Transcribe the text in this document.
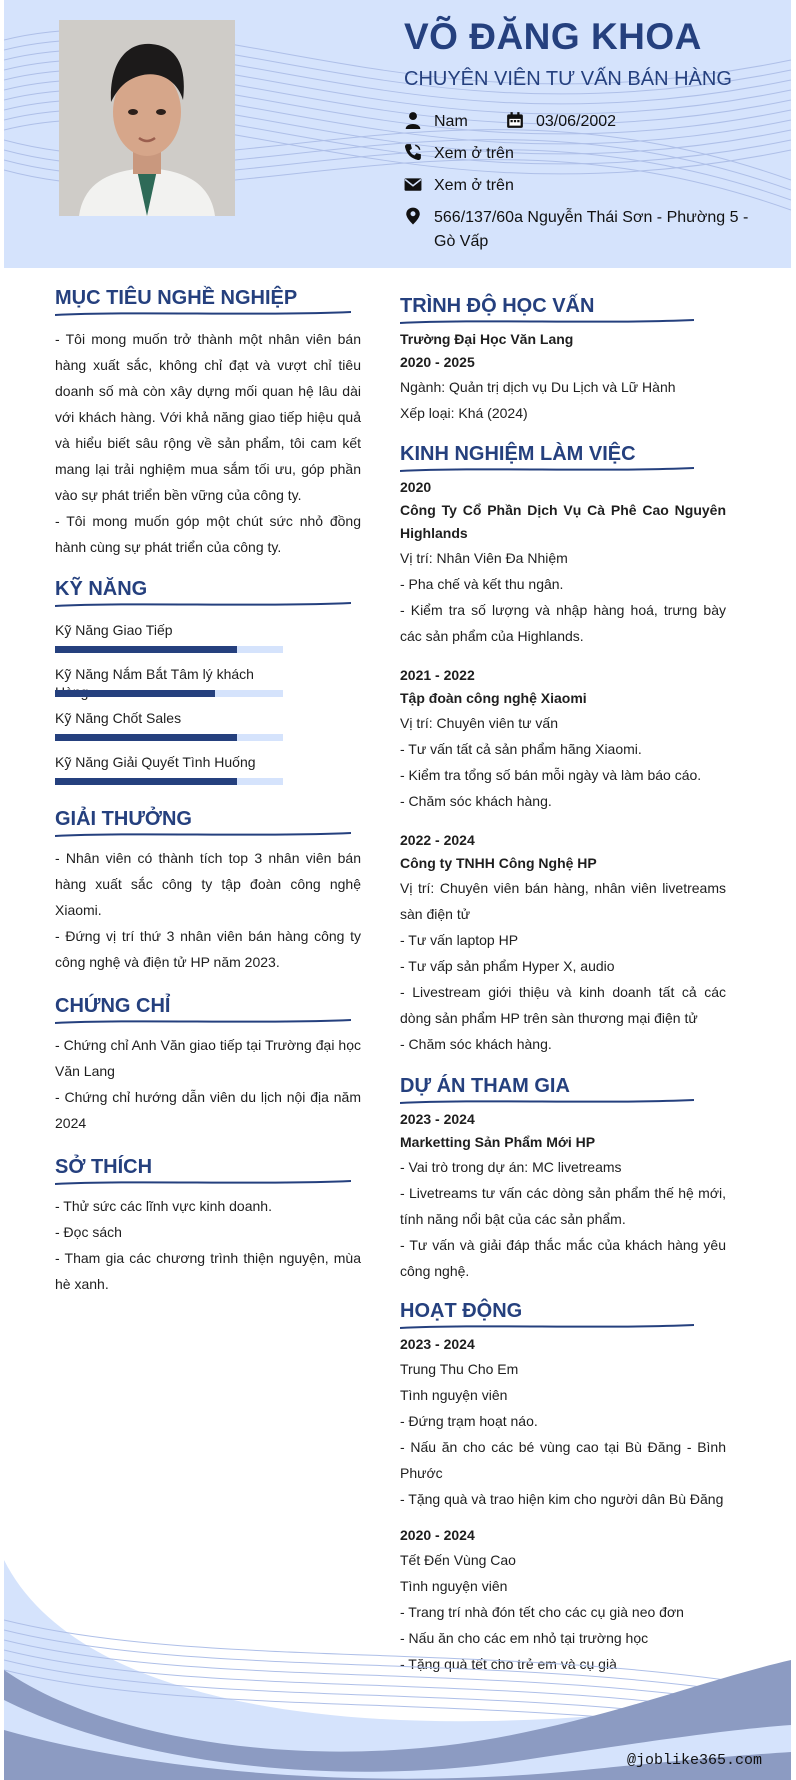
VÕ ĐĂNG KHOA
CHUYÊN VIÊN TƯ VẤN BÁN HÀNG
Nam	03/06/2002
Xem ở trên
Xem ở trên
566/137/60a Nguyễn Thái Sơn - Phường 5 - Gò Vấp
MỤC TIÊU NGHỀ NGHIỆP

- Tôi mong muốn trở thành một nhân viên bán hàng xuất sắc, không chỉ đạt và vượt chỉ tiêu doanh số mà còn xây dựng mối quan hệ lâu dài với khách hàng. Với khả năng giao tiếp hiệu quả và hiểu biết sâu rộng về sản phẩm, tôi cam kết mang lại trải nghiệm mua sắm tối ưu, góp phần vào sự phát triển bền vững của công ty.

- Tôi mong muốn góp một chút sức nhỏ đồng hành cùng sự phát triển của công ty.

KỸ NĂNG
Kỹ Năng Giao Tiếp
Kỹ Năng Nắm Bắt Tâm lý khách
Kỹ Năng Chốt Sales
Kỹ Năng Giải Quyết Tình Huống
GIẢI THƯỞNG

- Nhân viên có thành tích top 3 nhân viên bán hàng xuất sắc công ty tập đoàn công nghệ Xiaomi.

- Đứng vị trí thứ 3 nhân viên bán hàng công ty công nghệ và điện tử HP năm 2023.

CHỨNG CHỈ

- Chứng chỉ Anh Văn giao tiếp tại Trường đại học Văn Lang

- Chứng chỉ hướng dẫn viên du lịch nội địa năm 2024

SỞ THÍCH

- Thử sức các lĩnh vực kinh doanh.

- Đọc sách

- Tham gia các chương trình thiện nguyện, mùa hè xanh.

TRÌNH ĐỘ HỌC VẤN
Trường Đại Học Văn Lang
2020 - 2025
Ngành: Quản trị dịch vụ Du Lịch và Lữ Hành
Xếp loại: Khá (2024)
KINH NGHIỆM LÀM VIỆC
2020
Công Ty Cổ Phần Dịch Vụ Cà Phê Cao Nguyên Highlands
Vị trí: Nhân Viên Đa Nhiệm
- Pha chế và kết thu ngân.
- Kiểm tra số lượng và nhập hàng hoá, trưng bày các sản phẩm của Highlands.
2021 - 2022
Tập đoàn công nghệ Xiaomi
Vị trí: Chuyên viên tư vấn
- Tư vấn tất cả sản phẩm hãng Xiaomi.
- Kiểm tra tổng số bán mỗi ngày và làm báo cáo.
- Chăm sóc khách hàng.
2022 - 2024
Công ty TNHH Công Nghệ HP
Vị trí: Chuyên viên bán hàng, nhân viên livetreams sàn điện tử
- Tư vấn laptop HP
- Tư vấp sản phẩm Hyper X, audio
- Livestream giới thiệu và kinh doanh tất cả các dòng sản phẩm HP trên sàn thương mại điện tử
- Chăm sóc khách hàng.
DỰ ÁN THAM GIA
2023 - 2024
Marketting Sản Phẩm Mới HP
- Vai trò trong dự án: MC livetreams
- Livetreams tư vấn các dòng sản phẩm thế hệ mới, tính năng nổi bật của các sản phẩm.
- Tư vấn và giải đáp thắc mắc của khách hàng yêu công nghệ.
HOẠT ĐỘNG
2023 - 2024
Trung Thu Cho Em
Tình nguyện viên
- Đứng trạm hoạt náo.
- Nấu ăn cho các bé vùng cao tại Bù Đăng - Bình Phước
- Tặng quà và trao hiện kim cho người dân Bù Đăng
2020 - 2024
Tết Đến Vùng Cao
Tình nguyện viên
- Trang trí nhà đón tết cho các cụ già neo đơn
- Nấu ăn cho các em nhỏ tại trường học
- Tặng quà tết cho trẻ em và cụ già
@joblike365.com
